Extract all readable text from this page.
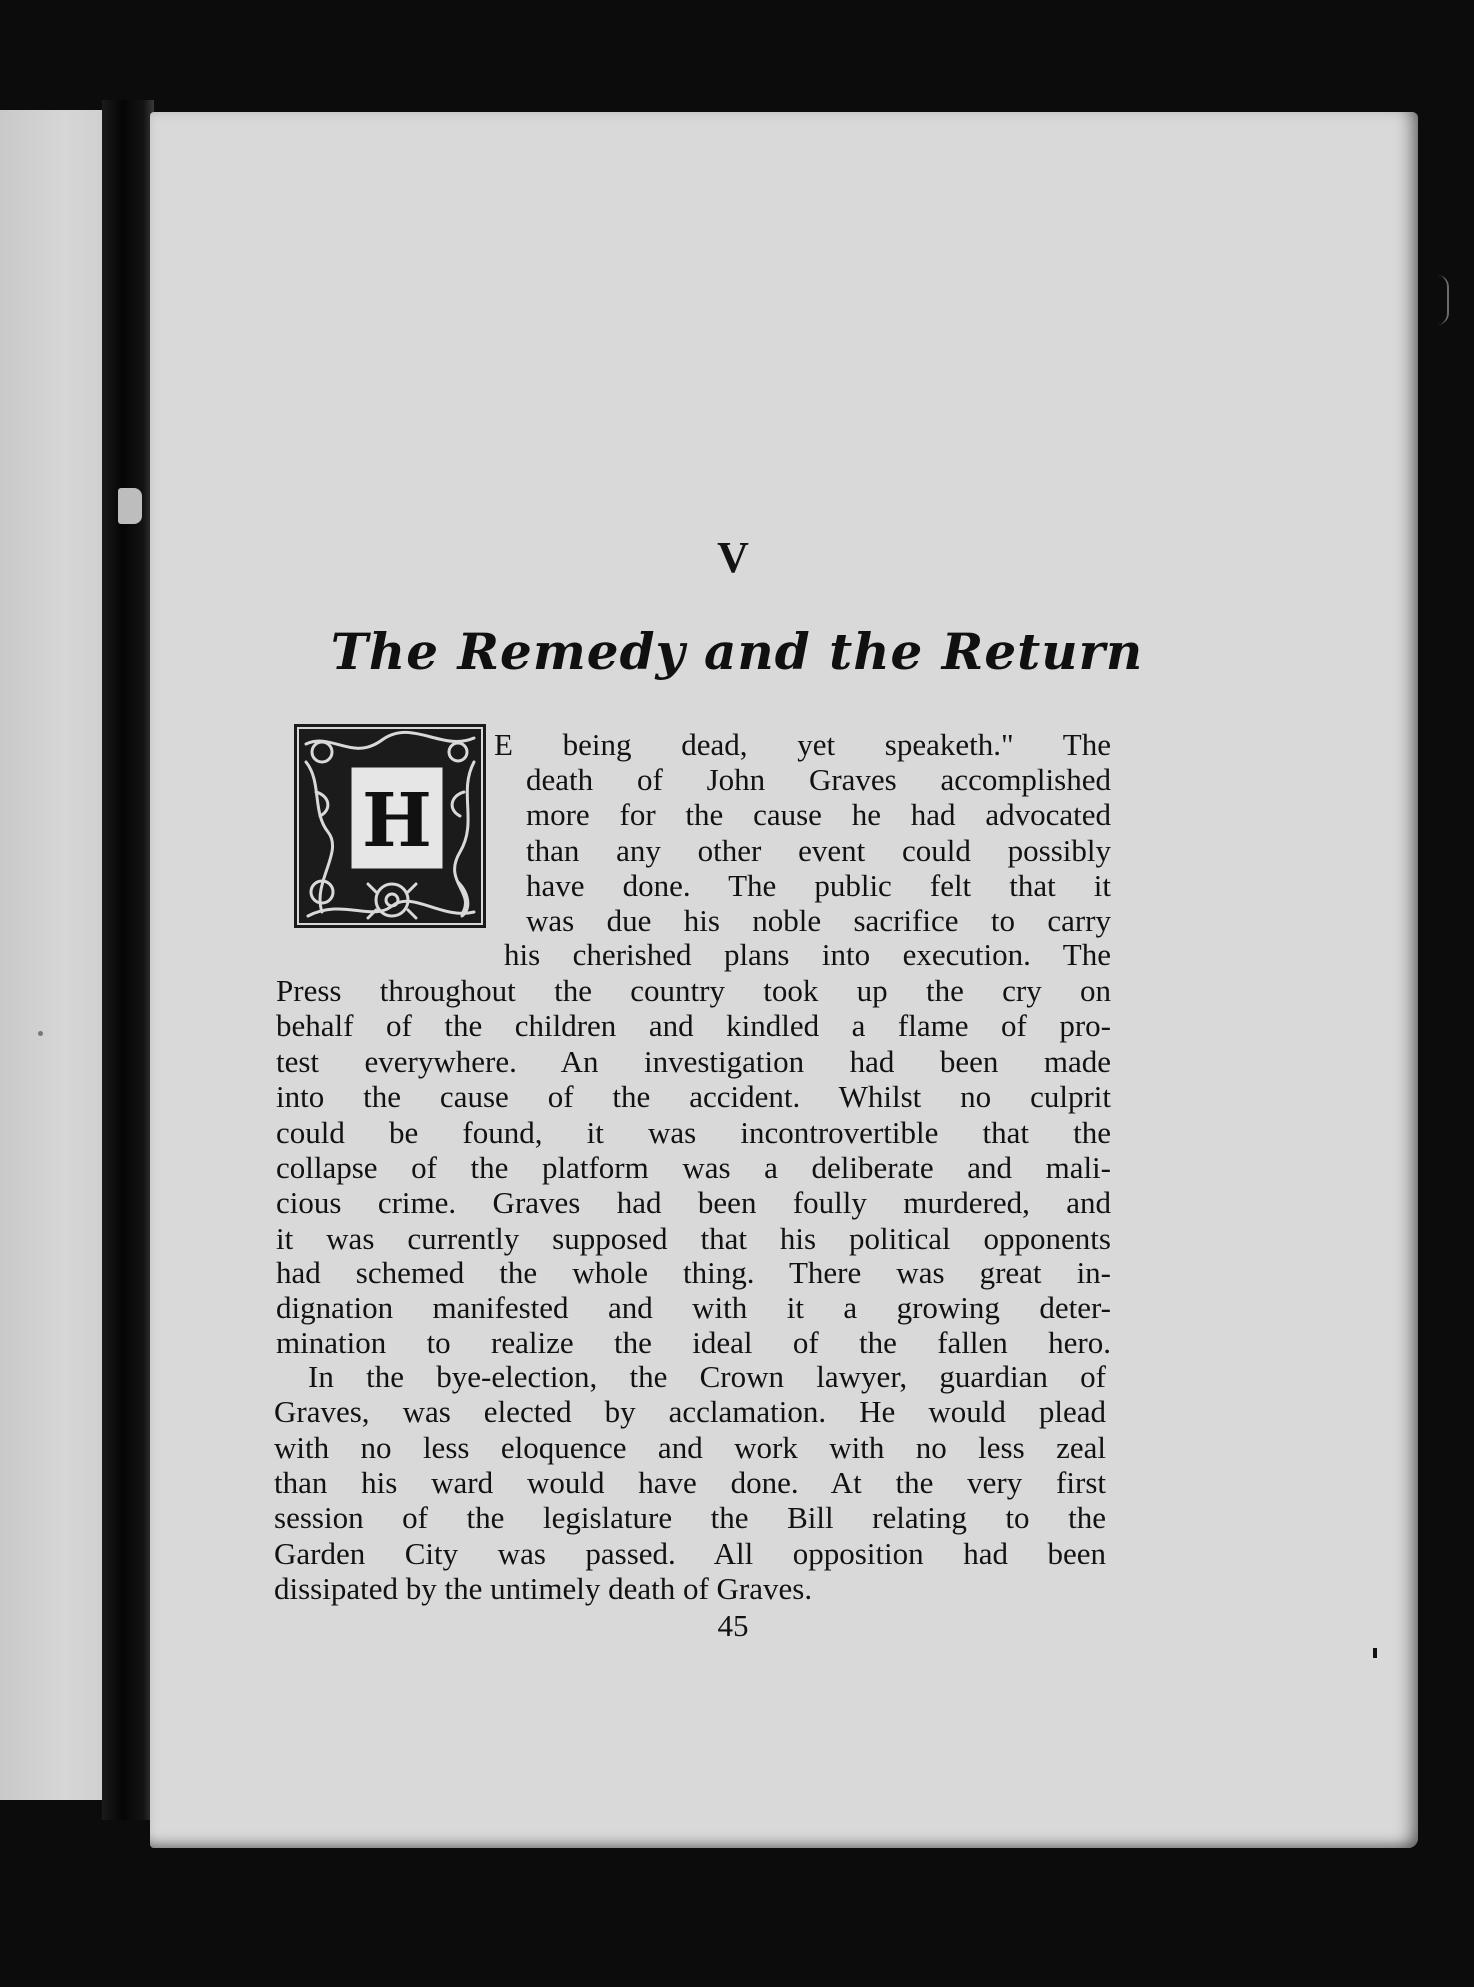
V
The Remedy and the Return
H
E being dead, yet speaketh." The
death of John Graves accomplished
more for the cause he had advocated
than any other event could possibly
have done. The public felt that it
was due his noble sacrifice to carry
his cherished plans into execution. The
Press throughout the country took up the cry on
behalf of the children and kindled a flame of pro-
test everywhere. An investigation had been made
into the cause of the accident. Whilst no culprit
could be found, it was incontrovertible that the
collapse of the platform was a deliberate and mali-
cious crime. Graves had been foully murdered, and
it was currently supposed that his political opponents
had schemed the whole thing. There was great in-
dignation manifested and with it a growing deter-
mination to realize the ideal of the fallen hero.
In the bye-election, the Crown lawyer, guardian of
Graves, was elected by acclamation. He would plead
with no less eloquence and work with no less zeal
than his ward would have done. At the very first
session of the legislature the Bill relating to the
Garden City was passed. All opposition had been
dissipated by the untimely death of Graves.
45
